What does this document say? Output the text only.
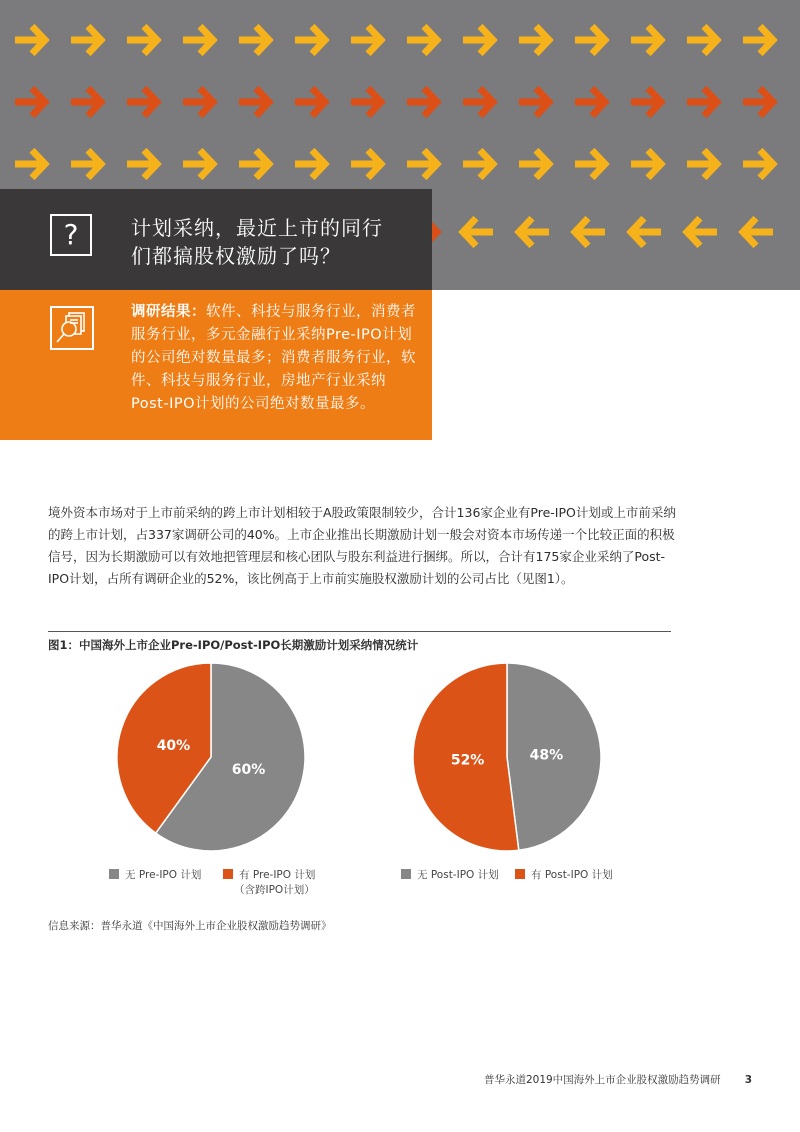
?	计划采纳，最近上市的同行
们都搞股权激励了吗？
调研结果：软件、科技与服务行业，消费者服务行业，多元金融行业采纳Pre-IPO计划的公司绝对数量最多；消费者服务行业，软件、科技与服务行业，房地产行业采纳Post-IPO计划的公司绝对数量最多。
境外资本市场对于上市前采纳的跨上市计划相较于A股政策限制较少，合计136家企业有Pre-IPO计划或上市前采纳的跨上市计划，占337家调研公司的40%。上市企业推出长期激励计划一般会对资本市场传递一个比较正面的积极信号，因为长期激励可以有效地把管理层和核心团队与股东利益进行捆绑。所以，合计有175家企业采纳了Post-IPO计划，占所有调研企业的52%，该比例高于上市前实施股权激励计划的公司占比（见图1）。
图1：中国海外上市企业Pre-IPO/Post-IPO长期激励计划采纳情况统计
60%
40%
48%
52%
无 Pre-IPO 计划	有 Pre-IPO 计划
（含跨IPO计划）
无 Post-IPO 计划	有 Post-IPO 计划
信息来源：普华永道《中国海外上市企业股权激励趋势调研》
普华永道2019中国海外上市企业股权激励趋势调研 3
